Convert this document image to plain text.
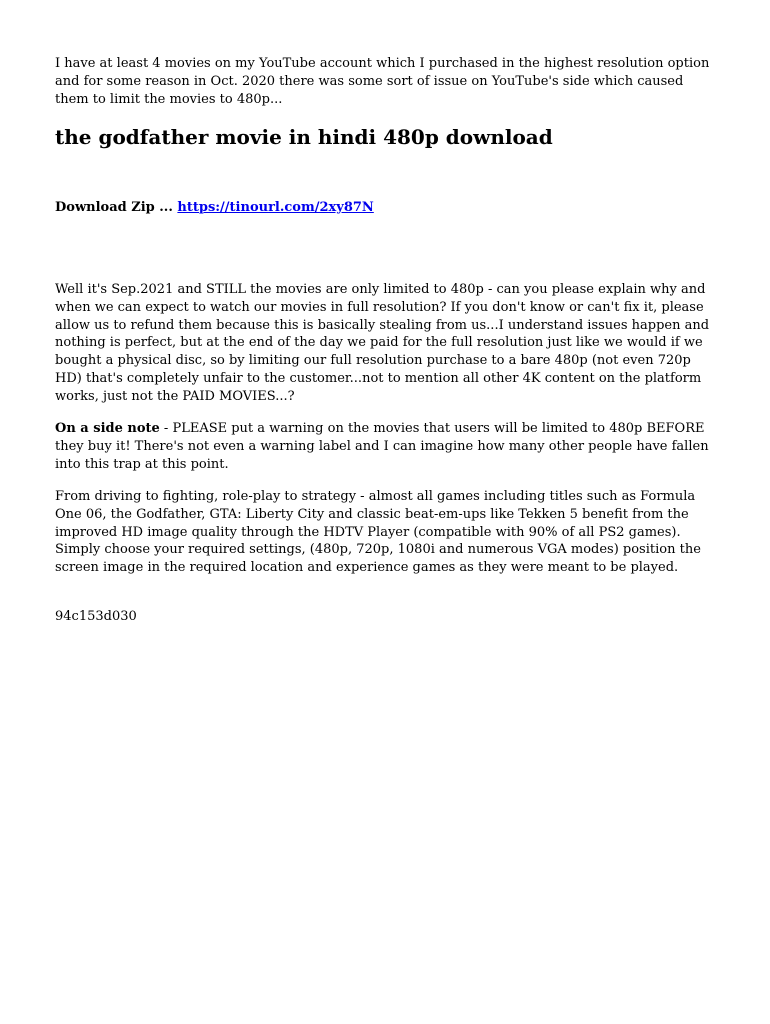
I have at least 4 movies on my YouTube account which I purchased in the highest resolution option and for some reason in Oct. 2020 there was some sort of issue on YouTube's side which caused them to limit the movies to 480p...

the godfather movie in hindi 480p download

Download Zip ... https://tinourl.com/2xy87N

Well it's Sep.2021 and STILL the movies are only limited to 480p - can you please explain why and when we can expect to watch our movies in full resolution? If you don't know or can't fix it, please allow us to refund them because this is basically stealing from us...I understand issues happen and nothing is perfect, but at the end of the day we paid for the full resolution just like we would if we bought a physical disc, so by limiting our full resolution purchase to a bare 480p (not even 720p HD) that's completely unfair to the customer...not to mention all other 4K content on the platform works, just not the PAID MOVIES...?

On a side note - PLEASE put a warning on the movies that users will be limited to 480p BEFORE they buy it! There's not even a warning label and I can imagine how many other people have fallen into this trap at this point.

From driving to fighting, role-play to strategy - almost all games including titles such as Formula One 06, the Godfather, GTA: Liberty City and classic beat-em-ups like Tekken 5 benefit from the improved HD image quality through the HDTV Player (compatible with 90% of all PS2 games). Simply choose your required settings, (480p, 720p, 1080i and numerous VGA modes) position the screen image in the required location and experience games as they were meant to be played.

94c153d030
